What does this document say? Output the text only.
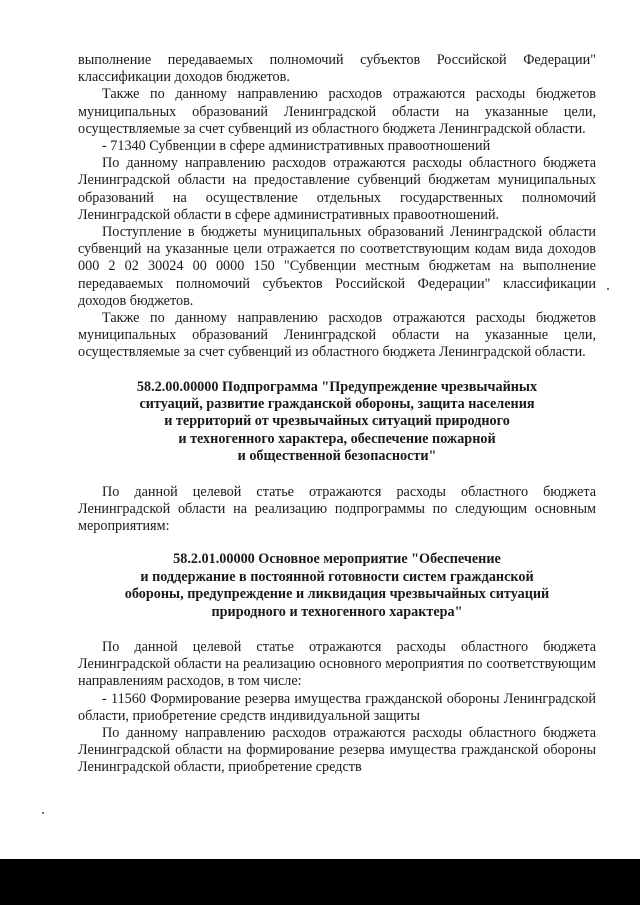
выполнение передаваемых полномочий субъектов Российской Федерации" классификации доходов бюджетов.

Также по данному направлению расходов отражаются расходы бюджетов муниципальных образований Ленинградской области на указанные цели, осуществляемые за счет субвенций из областного бюджета Ленинградской области.

- 71340 Субвенции в сфере административных правоотношений

По данному направлению расходов отражаются расходы областного бюджета Ленинградской области на предоставление субвенций бюджетам муниципальных образований на осуществление отдельных государственных полномочий Ленинградской области в сфере административных правоотношений.

Поступление в бюджеты муниципальных образований Ленинградской области субвенций на указанные цели отражается по соответствующим кодам вида доходов 000 2 02 30024 00 0000 150 "Субвенции местным бюджетам на выполнение передаваемых полномочий субъектов Российской Федерации" классификации доходов бюджетов.

Также по данному направлению расходов отражаются расходы бюджетов муниципальных образований Ленинградской области на указанные цели, осуществляемые за счет субвенций из областного бюджета Ленинградской области.

58.2.00.00000 Подпрограмма "Предупреждение чрезвычайных

ситуаций, развитие гражданской обороны, защита населения

и территорий от чрезвычайных ситуаций природного

и техногенного характера, обеспечение пожарной

и общественной безопасности"

По данной целевой статье отражаются расходы областного бюджета Ленинградской области на реализацию подпрограммы по следующим основным мероприятиям:

58.2.01.00000 Основное мероприятие "Обеспечение

и поддержание в постоянной готовности систем гражданской

обороны, предупреждение и ликвидация чрезвычайных ситуаций

природного и техногенного характера"

По данной целевой статье отражаются расходы областного бюджета Ленинградской области на реализацию основного мероприятия по соответствующим направлениям расходов, в том числе:

- 11560 Формирование резерва имущества гражданской обороны Ленинградской области, приобретение средств индивидуальной защиты

По данному направлению расходов отражаются расходы областного бюджета Ленинградской области на формирование резерва имущества гражданской обороны Ленинградской области, приобретение средств
